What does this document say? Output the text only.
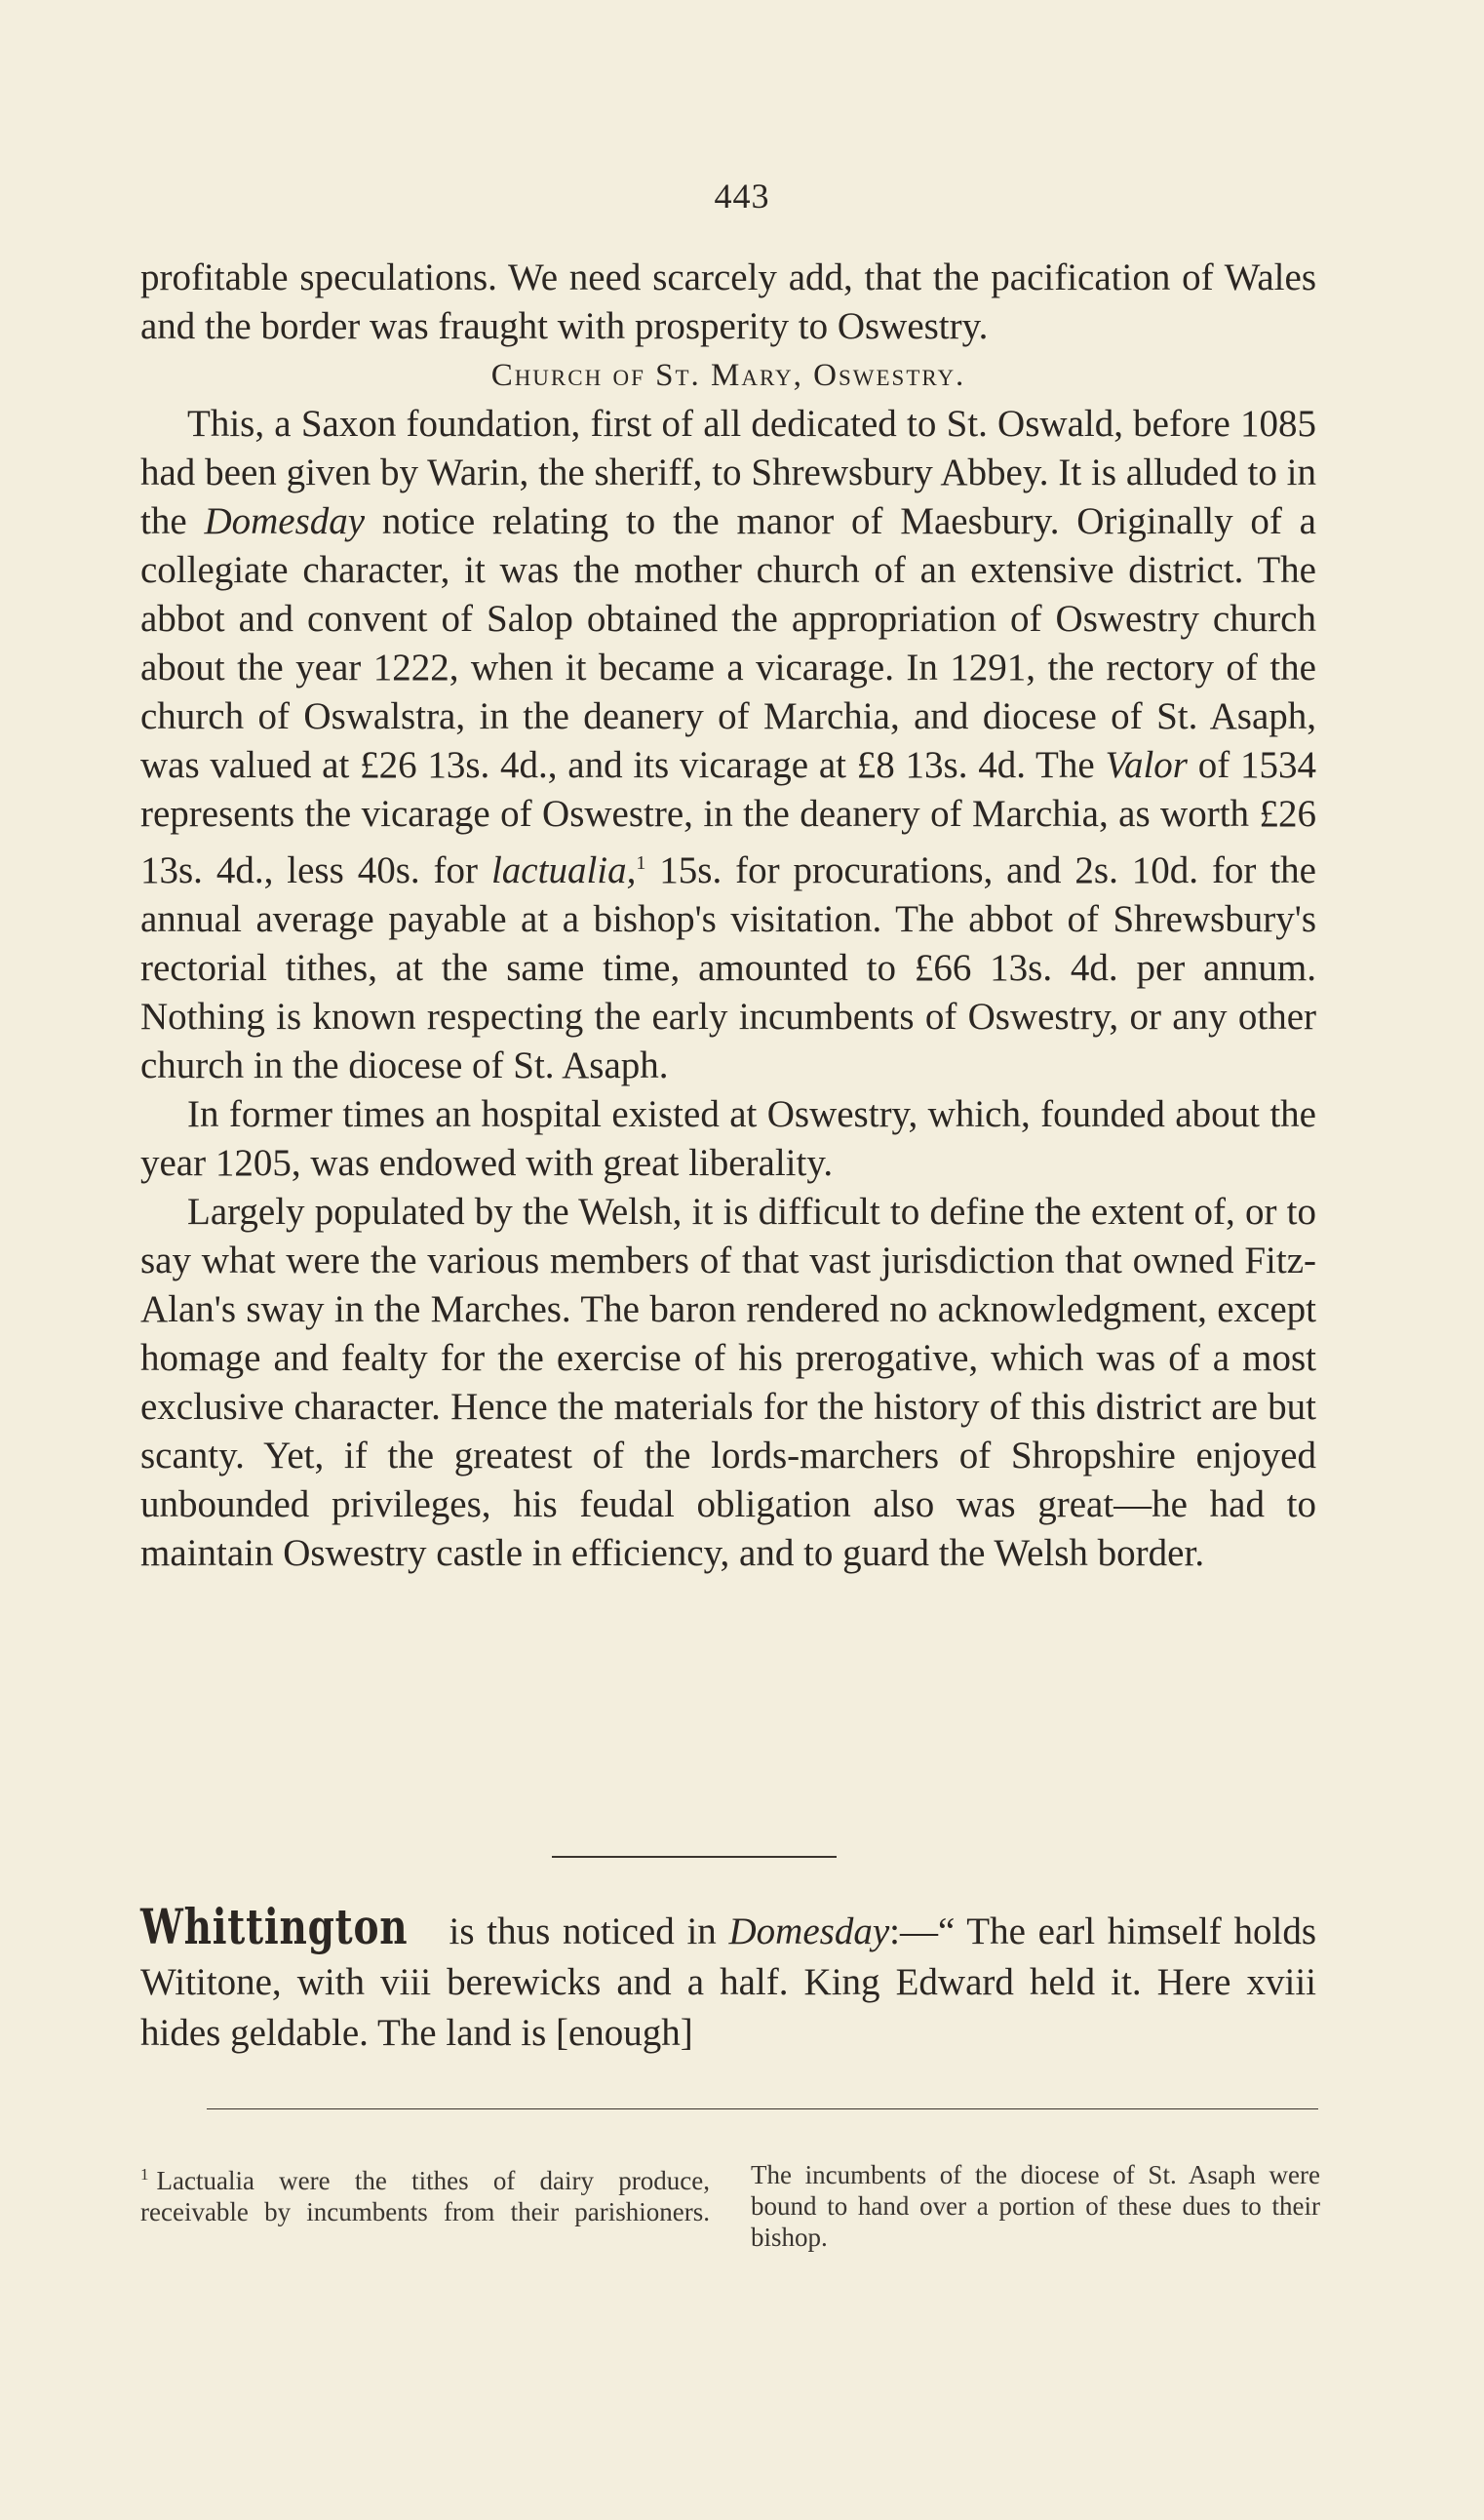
443

profitable speculations. We need scarcely add, that the pacification of Wales and the border was fraught with prosperity to Oswestry.

Church of St. Mary, Oswestry.

This, a Saxon foundation, first of all dedicated to St. Oswald, before 1085 had been given by Warin, the sheriff, to Shrewsbury Abbey. It is alluded to in the Domesday notice relating to the manor of Maesbury. Originally of a collegiate character, it was the mother church of an extensive district. The abbot and convent of Salop obtained the appropriation of Oswestry church about the year 1222, when it became a vicarage. In 1291, the rectory of the church of Oswalstra, in the deanery of Marchia, and diocese of St. Asaph, was valued at £26 13s. 4d., and its vicarage at £8 13s. 4d. The Valor of 1534 represents the vicarage of Oswestre, in the deanery of Marchia, as worth £26 13s. 4d., less 40s. for lactualia,$^1$ 15s. for procurations, and 2s. 10d. for the annual average payable at a bishop's visitation. The abbot of Shrewsbury's rectorial tithes, at the same time, amounted to £66 13s. 4d. per annum. Nothing is known respecting the early incumbents of Oswestry, or any other church in the diocese of St. Asaph.

In former times an hospital existed at Oswestry, which, founded about the year 1205, was endowed with great liberality.

Largely populated by the Welsh, it is difficult to define the extent of, or to say what were the various members of that vast jurisdiction that owned Fitz-Alan's sway in the Marches. The baron rendered no acknowledgment, except homage and fealty for the exercise of his prerogative, which was of a most exclusive character. Hence the materials for the history of this district are but scanty. Yet, if the greatest of the lords-marchers of Shropshire enjoyed unbounded privileges, his feudal obligation also was great—he had to maintain Oswestry castle in efficiency, and to guard the Welsh border.

Whittington is thus noticed in Domesday:—“ The earl himself holds Wititone, with viii berewicks and a half. King Edward held it. Here xviii hides geldable. The land is [enough]
$^1$ Lactualia were the tithes of dairy produce, receivable by incumbents from their parishioners. The incumbents of the diocese of St. Asaph were bound to hand over a portion of these dues to their bishop.
